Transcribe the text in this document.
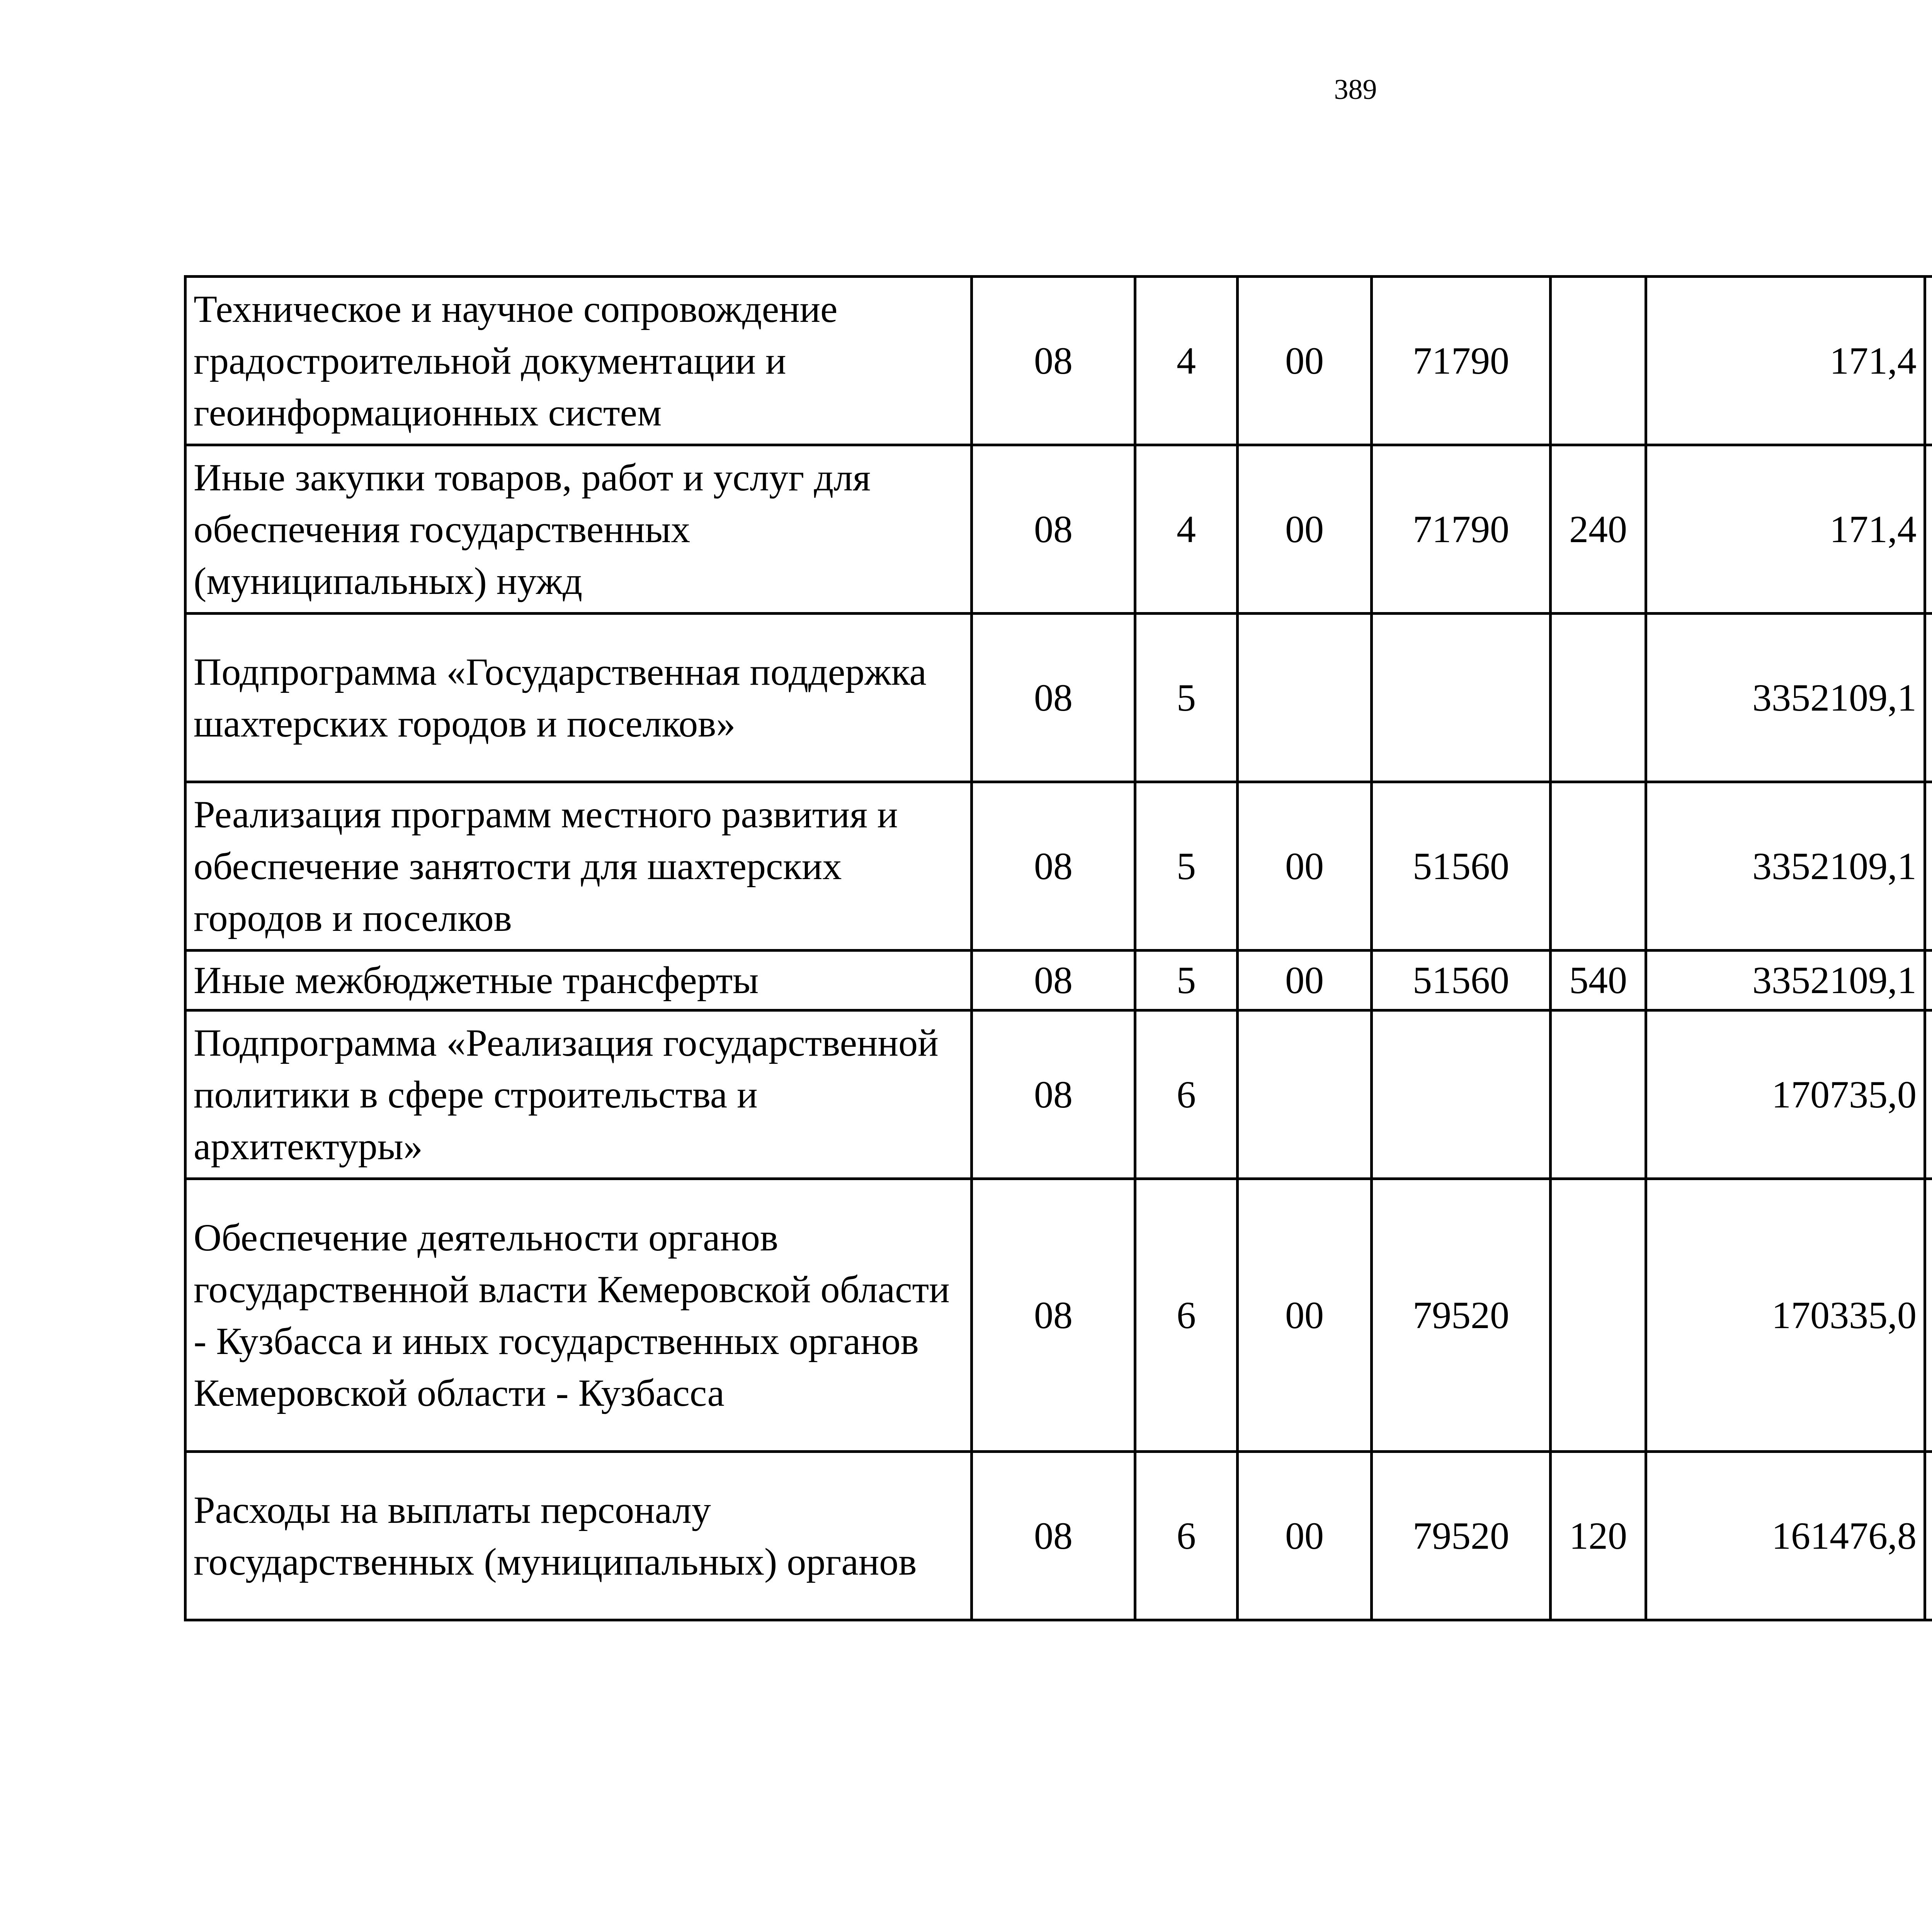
389
Техническое и научное сопровождение градостроительной документации и геоинформационных систем	08	4	00	71790		171,4		
Иные закупки товаров, работ и услуг для обеспечения государственных (муниципальных) нужд	08	4	00	71790	240	171,4		
Подпрограмма «Государственная поддержка шахтерских городов и поселков»	08	5				3352109,1		
Реализация программ местного развития и обеспечение занятости для шахтерских городов и поселков	08	5	00	51560		3352109,1		
Иные межбюджетные трансферты	08	5	00	51560	540	3352109,1		
Подпрограмма «Реализация государственной политики в сфере строительства и архитектуры»	08	6				170735,0		
Обеспечение деятельности органов государственной власти Кемеровской области - Кузбасса и иных государственных органов Кемеровской области - Кузбасса	08	6	00	79520		170335,0		
Расходы на выплаты персоналу государственных (муниципальных) органов	08	6	00	79520	120	161476,8		
